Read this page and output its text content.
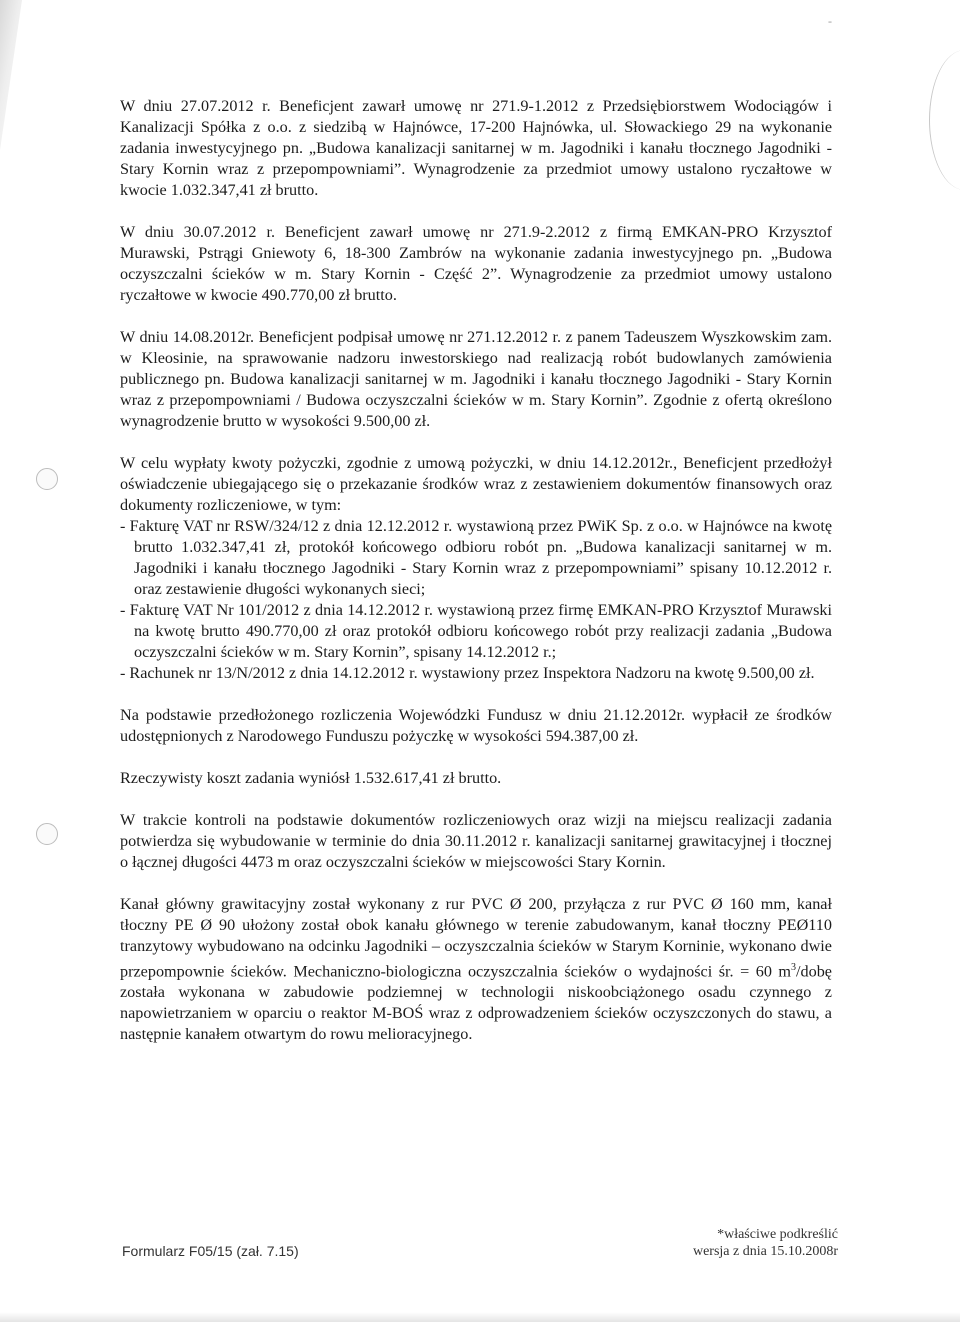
-

W dniu 27.07.2012 r. Beneficjent zawarł umowę nr 271.9-1.2012 z Przedsiębiorstwem Wodociągów i Kanalizacji Spółka z o.o. z siedzibą w Hajnówce, 17-200 Hajnówka, ul. Słowackiego 29 na wykonanie zadania inwestycyjnego pn. „Budowa kanalizacji sanitarnej w m. Jagodniki i kanału tłocznego Jagodniki - Stary Kornin wraz z przepompowniami”. Wynagrodzenie za przedmiot umowy ustalono ryczałtowe w kwocie 1.032.347,41 zł brutto.

W dniu 30.07.2012 r. Beneficjent zawarł umowę nr 271.9-2.2012 z firmą EMKAN-PRO Krzysztof Murawski, Pstrągi Gniewoty 6, 18-300 Zambrów na wykonanie zadania inwestycyjnego pn. „Budowa oczyszczalni ścieków w m. Stary Kornin - Część 2”. Wynagrodzenie za przedmiot umowy ustalono ryczałtowe w kwocie 490.770,00 zł brutto.

W dniu 14.08.2012r. Beneficjent podpisał umowę nr 271.12.2012 r. z panem Tadeuszem Wyszkowskim zam. w Kleosinie, na sprawowanie nadzoru inwestorskiego nad realizacją robót budowlanych zamówienia publicznego pn. Budowa kanalizacji sanitarnej w m. Jagodniki i kanału tłocznego Jagodniki - Stary Kornin wraz z przepompowniami / Budowa oczyszczalni ścieków w m. Stary Kornin”. Zgodnie z ofertą określono wynagrodzenie brutto w wysokości 9.500,00 zł.

W celu wypłaty kwoty pożyczki, zgodnie z umową pożyczki, w dniu 14.12.2012r., Beneficjent przedłożył oświadczenie ubiegającego się o przekazanie środków wraz z zestawieniem dokumentów finansowych oraz dokumenty rozliczeniowe, w tym:

- Fakturę VAT nr RSW/324/12 z dnia 12.12.2012 r. wystawioną przez PWiK Sp. z o.o. w Hajnówce na kwotę brutto 1.032.347,41 zł, protokół końcowego odbioru robót pn. „Budowa kanalizacji sanitarnej w m. Jagodniki i kanału tłocznego Jagodniki - Stary Kornin wraz z przepompowniami” spisany 10.12.2012 r. oraz zestawienie długości wykonanych sieci;
- Fakturę VAT Nr 101/2012 z dnia 14.12.2012 r. wystawioną przez firmę EMKAN-PRO Krzysztof Murawski na kwotę brutto 490.770,00 zł oraz protokół odbioru końcowego robót przy realizacji zadania „Budowa oczyszczalni ścieków w m. Stary Kornin”, spisany 14.12.2012 r.;
- Rachunek nr 13/N/2012 z dnia 14.12.2012 r. wystawiony przez Inspektora Nadzoru na kwotę 9.500,00 zł.

Na podstawie przedłożonego rozliczenia Wojewódzki Fundusz w dniu 21.12.2012r. wypłacił ze środków udostępnionych z Narodowego Funduszu pożyczkę w wysokości 594.387,00 zł.

Rzeczywisty koszt zadania wyniósł 1.532.617,41 zł brutto.

W trakcie kontroli na podstawie dokumentów rozliczeniowych oraz wizji na miejscu realizacji zadania potwierdza się wybudowanie w terminie do dnia 30.11.2012 r. kanalizacji sanitarnej grawitacyjnej i tłocznej o łącznej długości 4473 m oraz oczyszczalni ścieków w miejscowości Stary Kornin.

Kanał główny grawitacyjny został wykonany z rur PVC Ø 200, przyłącza z rur PVC Ø 160 mm, kanał tłoczny PE Ø 90 ułożony został obok kanału głównego w terenie zabudowanym, kanał tłoczny PEØ110 tranzytowy wybudowano na odcinku Jagodniki – oczyszczalnia ścieków w Starym Korninie, wykonano dwie przepompownie ścieków. Mechaniczno-biologiczna oczyszczalnia ścieków o wydajności śr. = 60 $m^3$/dobę została wykonana w zabudowie podziemnej w technologii niskoobciążonego osadu czynnego z napowietrzaniem w oparciu o reaktor M-BOŚ wraz z odprowadzeniem ścieków oczyszczonych do stawu, a następnie kanałem otwartym do rowu melioracyjnego.

Formularz F05/15 (zał. 7.15)
*właściwe podkreślić
wersja z dnia 15.10.2008r
